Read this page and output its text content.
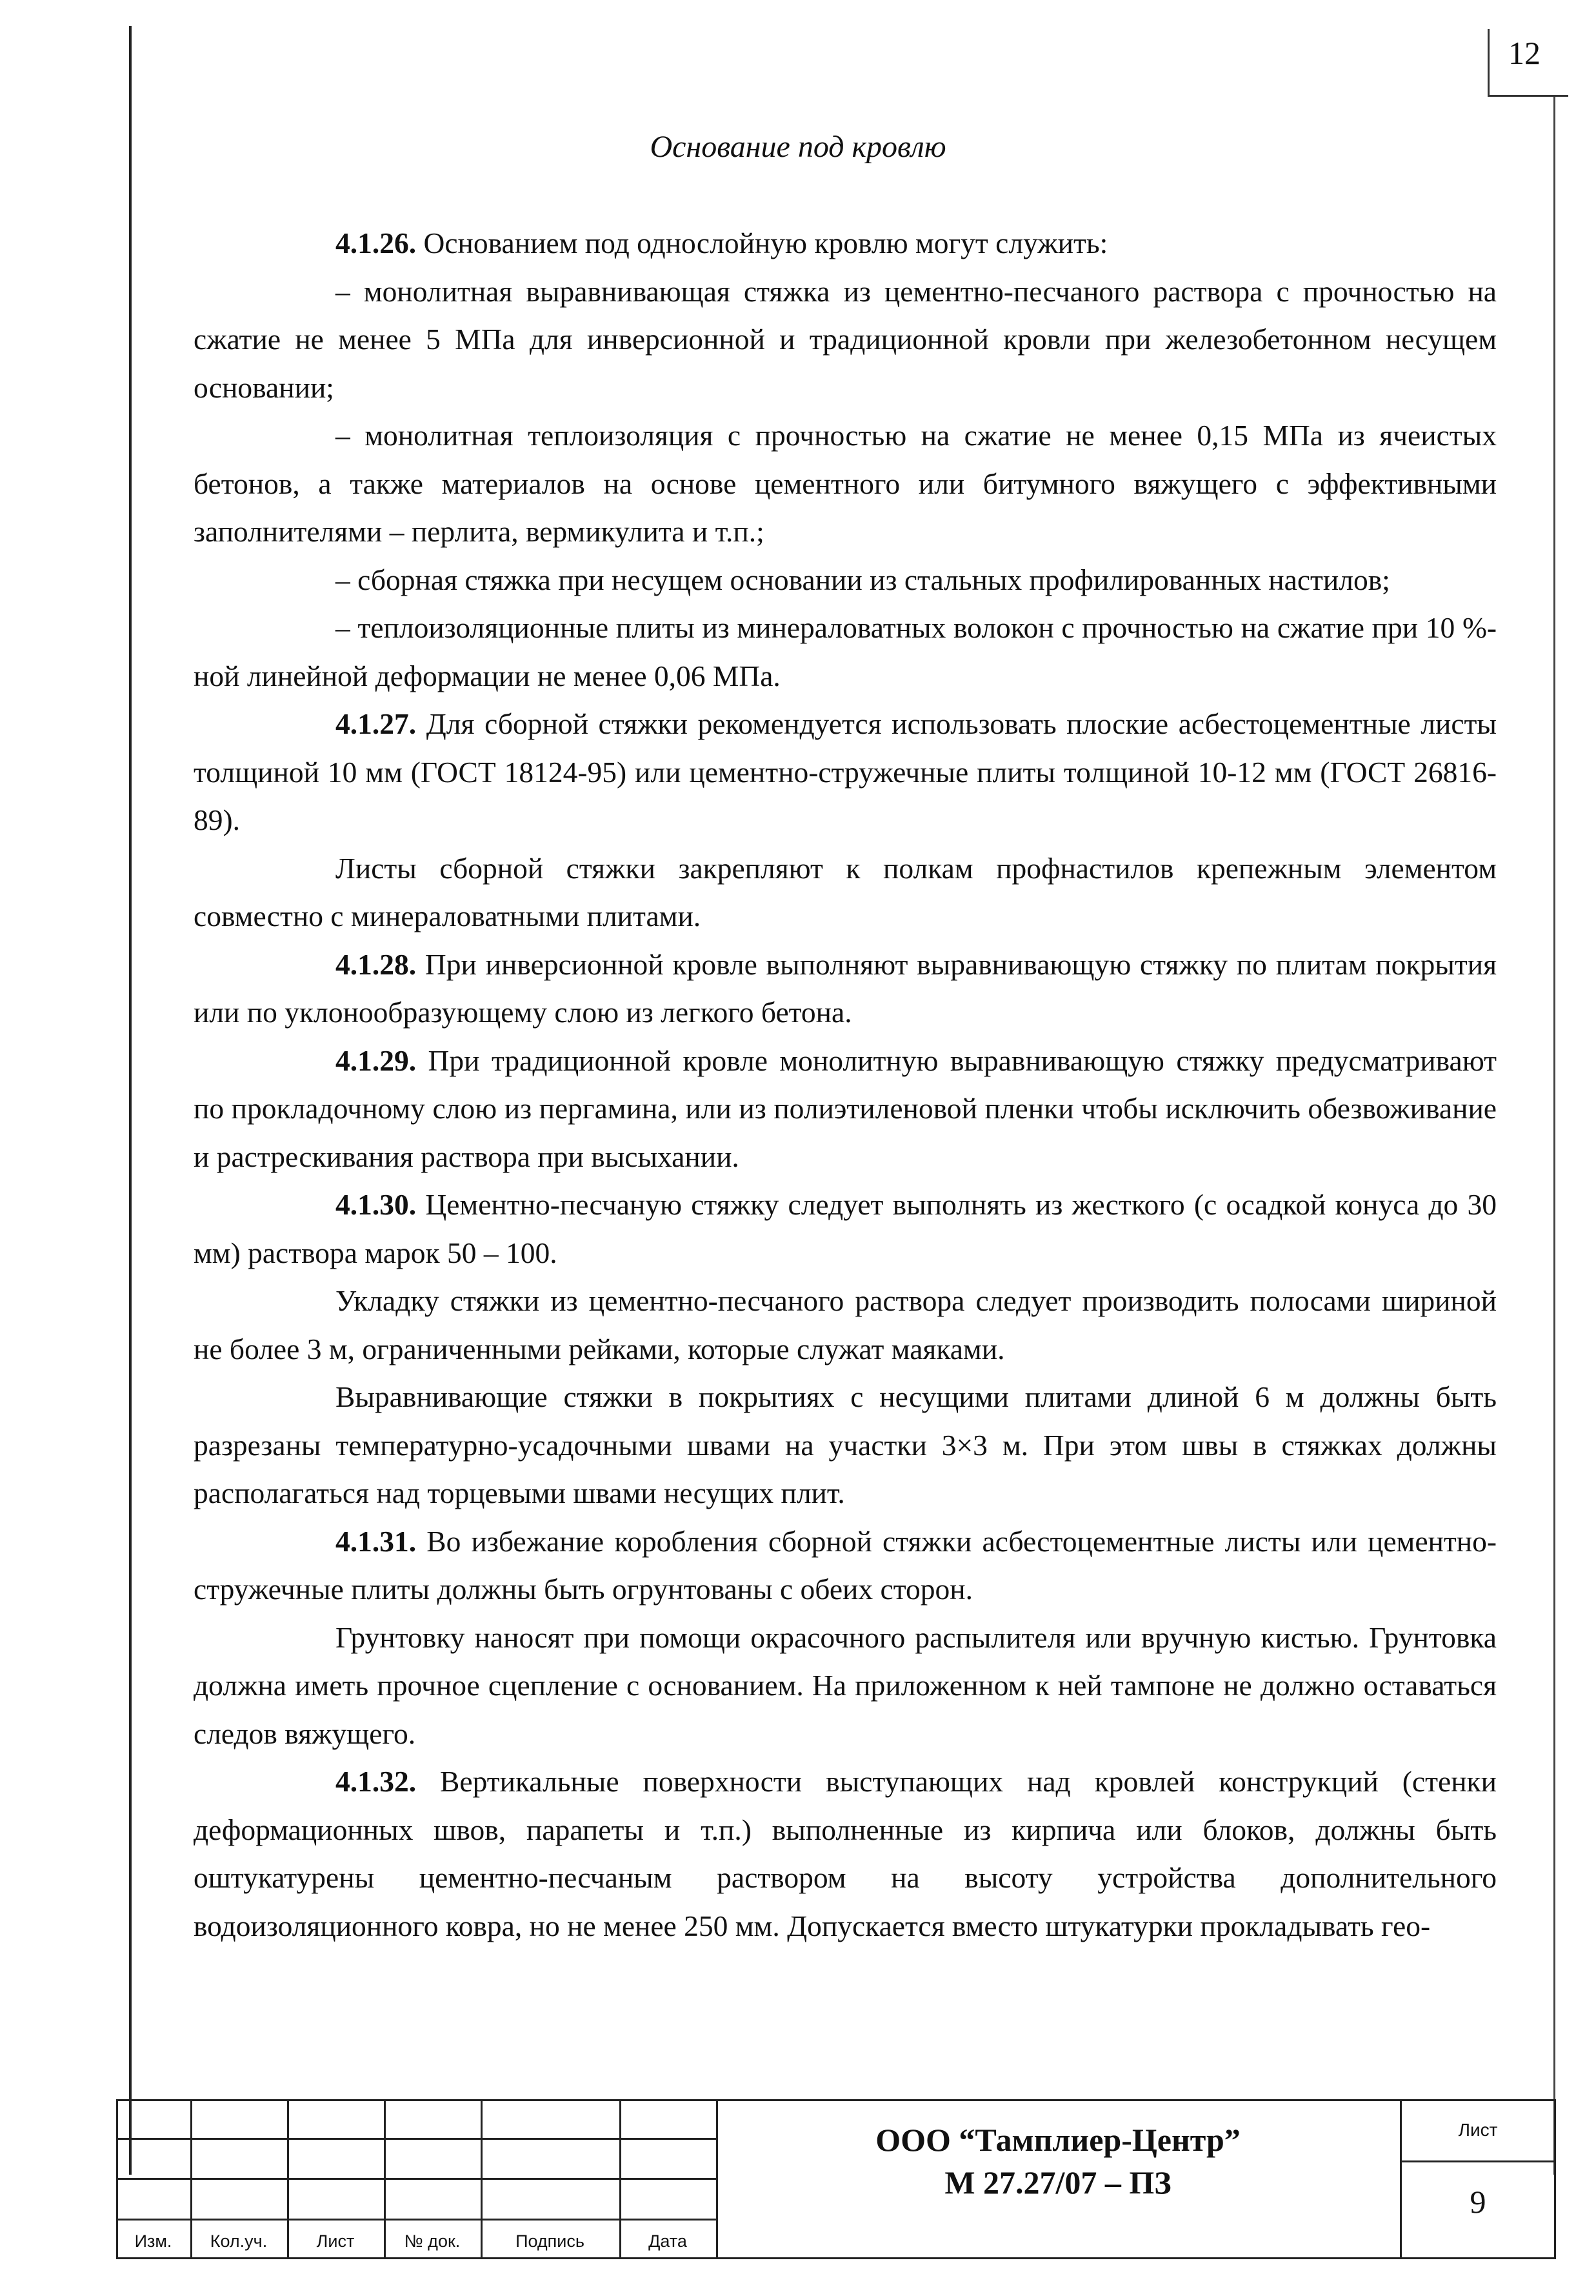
12
Основание под кровлю

4.1.26. Основанием под однослойную кровлю могут служить:

– монолитная выравнивающая стяжка из цементно-песчаного раствора с прочностью на сжатие не менее 5 МПа для инверсионной и традиционной кровли при железобетонном несущем основании;

– монолитная теплоизоляция с прочностью на сжатие не менее 0,15 МПа из ячеистых бетонов, а также материалов на основе цементного или битумного вяжущего с эффективными заполнителями – перлита, вермикулита и т.п.;

– сборная стяжка при несущем основании из стальных профилированных настилов;

– теплоизоляционные плиты из минераловатных волокон с прочностью на сжатие при 10 %-ной линейной деформации не менее 0,06 МПа.

4.1.27. Для сборной стяжки рекомендуется использовать плоские асбестоцементные листы толщиной 10 мм (ГОСТ 18124-95) или цементно-стружечные плиты толщиной 10-12 мм (ГОСТ 26816-89).

Листы сборной стяжки закрепляют к полкам профнастилов крепежным элементом совместно с минераловатными плитами.

4.1.28. При инверсионной кровле выполняют выравнивающую стяжку по плитам покрытия или по уклонообразующему слою из легкого бетона.

4.1.29. При традиционной кровле монолитную выравнивающую стяжку предусматривают по прокладочному слою из пергамина, или из полиэтиленовой пленки чтобы исключить обезвоживание и растрескивания раствора при высыхании.

4.1.30. Цементно-песчаную стяжку следует выполнять из жесткого (с осадкой конуса до 30 мм) раствора марок 50 – 100.

Укладку стяжки из цементно-песчаного раствора следует производить полосами шириной не более 3 м, ограниченными рейками, которые служат маяками.

Выравнивающие стяжки в покрытиях с несущими плитами длиной 6 м должны быть разрезаны температурно-усадочными швами на участки 3×3 м. При этом швы в стяжках должны располагаться над торцевыми швами несущих плит.

4.1.31. Во избежание коробления сборной стяжки асбестоцементные листы или цементно-стружечные плиты должны быть огрунтованы с обеих сторон.

Грунтовку наносят при помощи окрасочного распылителя или вручную кистью. Грунтовка должна иметь прочное сцепление с основанием. На приложенном к ней тампоне не должно оставаться следов вяжущего.

4.1.32. Вертикальные поверхности выступающих над кровлей конструкций (стенки деформационных швов, парапеты и т.п.) выполненные из кирпича или блоков, должны быть оштукатурены цементно-песчаным раствором на высоту устройства дополнительного водоизоляционного ковра, но не менее 250 мм. Допускается вместо штукатурки прокладывать гео-

Изм.	Кол.уч.	Лист	№ док.	Подпись	Дата
ООО “Тамплиер-Центр”
М 27.27/07 – ПЗ
Лист
9
